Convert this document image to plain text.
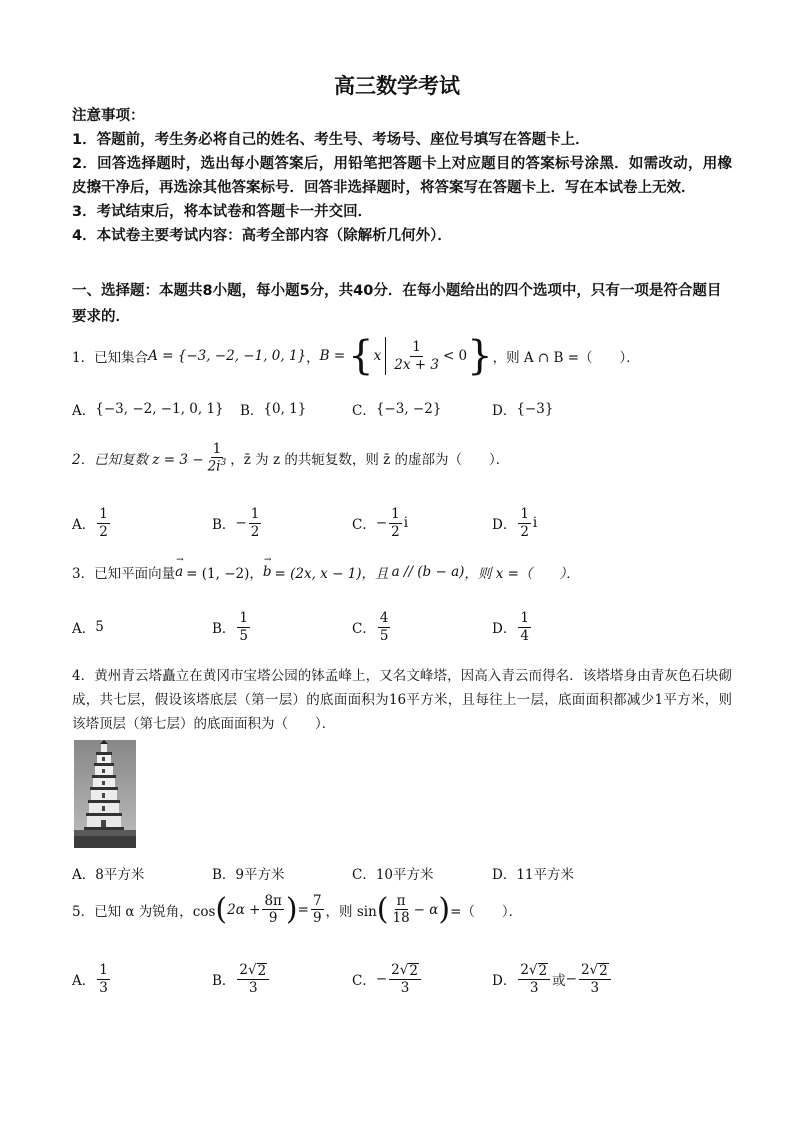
高三数学考试
注意事项：
1．答题前，考生务必将自己的姓名、考生号、考场号、座位号填写在答题卡上．
2．回答选择题时，选出每小题答案后，用铅笔把答题卡上对应题目的答案标号涂黑．如需改动，用橡皮擦干净后，再选涂其他答案标号．回答非选择题时，将答案写在答题卡上．写在本试卷上无效．
3．考试结束后，将本试卷和答题卡一并交回．
4．本试卷主要考试内容：高考全部内容（除解析几何外）．
一、选择题：本题共8小题，每小题5分，共40分．在每小题给出的四个选项中，只有一项是符合题目要求的．
1．已知集合 A = {−3, −2, −1, 0, 1} ， B = { x $\frac{1}{2x + 3} < 0$ } ，则 A ∩ B =（　　）．
A． {−3, −2, −1, 0, 1} B． {0, 1}	C． {−3, −2}	D． {−3}
2．已知复数 $z = 3 - \frac{1}{2i^3}$ ，z̄ 为 z 的共轭复数，则 z̄ 的虚部为（　　）．
A． $\frac{1}{2}$	B． − $\frac{1}{2}$	C． − $\frac{1}{2}$ i	D． $\frac{1}{2}$ i
3．已知平面向量
→
a = (1, −2)，
→
b = (2x, x − 1)，且 a // (b − a) ，则 x =（　　）．
A． 5	B． $\frac{1}{5}$	C． $\frac{4}{5}$	D． $\frac{1}{4}$
4．黄州青云塔矗立在黄冈市宝塔公园的钵孟峰上，又名文峰塔，因高入青云而得名．该塔塔身由青灰色石块砌成，共七层，假设该塔底层（第一层）的底面面积为16平方米，且每往上一层，底面面积都减少1平方米，则该塔顶层（第七层）的底面面积为（　　）．
A． 8平方米	B． 9平方米	C． 10平方米	D． 11平方米
5．已知 α 为锐角，cos ( $2\alpha + \frac{8\pi}{9}$ ) = $\frac{7}{9}$ ，则 sin ( $\frac{\pi}{18} - \alpha$ ) =（　　）．
A． $\frac{1}{3}$	B． $\frac{2√ 2}{3}$	C． − $\frac{2√ 2}{3}$	D． $\frac{2√ 2}{3}$ 或 − $\frac{2√ 2}{3}$
